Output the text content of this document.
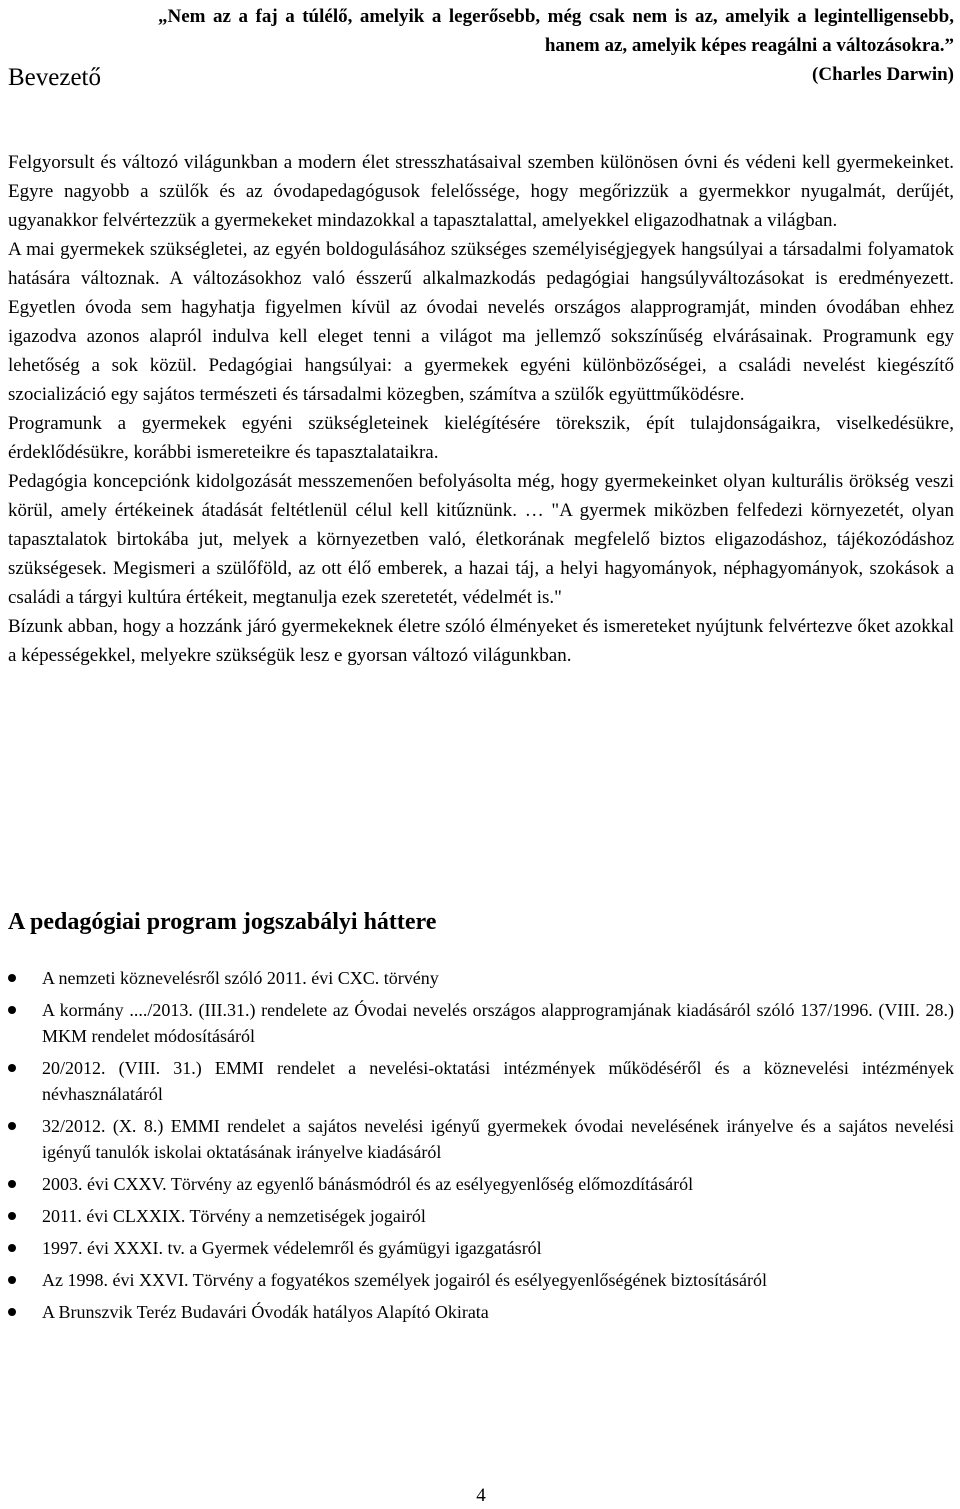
„Nem az a faj a túlélő, amelyik a legerősebb, még csak nem is az, amelyik a legintelligensebb, hanem az, amelyik képes reagálni a változásokra.”
(Charles Darwin)
Bevezető

Felgyorsult és változó világunkban a modern élet stresszhatásaival szemben különösen óvni és védeni kell gyermekeinket. Egyre nagyobb a szülők és az óvodapedagógusok felelőssége, hogy megőrizzük a gyermekkor nyugalmát, derűjét, ugyanakkor felvértezzük a gyermekeket mindazokkal a tapasztalattal, amelyekkel eligazodhatnak a világban.

A mai gyermekek szükségletei, az egyén boldogulásához szükséges személyiségjegyek hangsúlyai a társadalmi folyamatok hatására változnak. A változásokhoz való ésszerű alkalmazkodás pedagógiai hangsúlyváltozásokat is eredményezett. Egyetlen óvoda sem hagyhatja figyelmen kívül az óvodai nevelés országos alapprogramját, minden óvodában ehhez igazodva azonos alapról indulva kell eleget tenni a világot ma jellemző sokszínűség elvárásainak. Programunk egy lehetőség a sok közül. Pedagógiai hangsúlyai: a gyermekek egyéni különbözőségei, a családi nevelést kiegészítő szocializáció egy sajátos természeti és társadalmi közegben, számítva a szülők együttműködésre.

Programunk a gyermekek egyéni szükségleteinek kielégítésére törekszik, épít tulajdonságaikra, viselkedésükre, érdeklődésükre, korábbi ismereteikre és tapasztalataikra.

Pedagógia koncepciónk kidolgozását messzemenően befolyásolta még, hogy gyermekeinket olyan kulturális örökség veszi körül, amely értékeinek átadását feltétlenül célul kell kitűznünk. … "A gyermek miközben felfedezi környezetét, olyan tapasztalatok birtokába jut, melyek a környezetben való, életkorának megfelelő biztos eligazodáshoz, tájékozódáshoz szükségesek. Megismeri a szülőföld, az ott élő emberek, a hazai táj, a helyi hagyományok, néphagyományok, szokások a családi a tárgyi kultúra értékeit, megtanulja ezek szeretetét, védelmét is."

Bízunk abban, hogy a hozzánk járó gyermekeknek életre szóló élményeket és ismereteket nyújtunk felvértezve őket azokkal a képességekkel, melyekre szükségük lesz e gyorsan változó világunkban.

A pedagógiai program jogszabályi háttere
A nemzeti köznevelésről szóló 2011. évi CXC. törvény
A kormány ..../2013. (III.31.) rendelete az Óvodai nevelés országos alapprogramjának kiadásáról szóló 137/1996. (VIII. 28.) MKM rendelet módosításáról
20/2012. (VIII. 31.) EMMI rendelet a nevelési-oktatási intézmények működéséről és a köznevelési intézmények névhasználatáról
32/2012. (X. 8.) EMMI rendelet a sajátos nevelési igényű gyermekek óvodai nevelésének irányelve és a sajátos nevelési igényű tanulók iskolai oktatásának irányelve kiadásáról
2003. évi CXXV. Törvény az egyenlő bánásmódról és az esélyegyenlőség előmozdításáról
2011. évi CLXXIX. Törvény a nemzetiségek jogairól
1997. évi XXXI. tv. a Gyermek védelemről és gyámügyi igazgatásról
Az 1998. évi XXVI. Törvény a fogyatékos személyek jogairól és esélyegyenlőségének biztosításáról
A Brunszvik Teréz Budavári Óvodák hatályos Alapító Okirata
4
